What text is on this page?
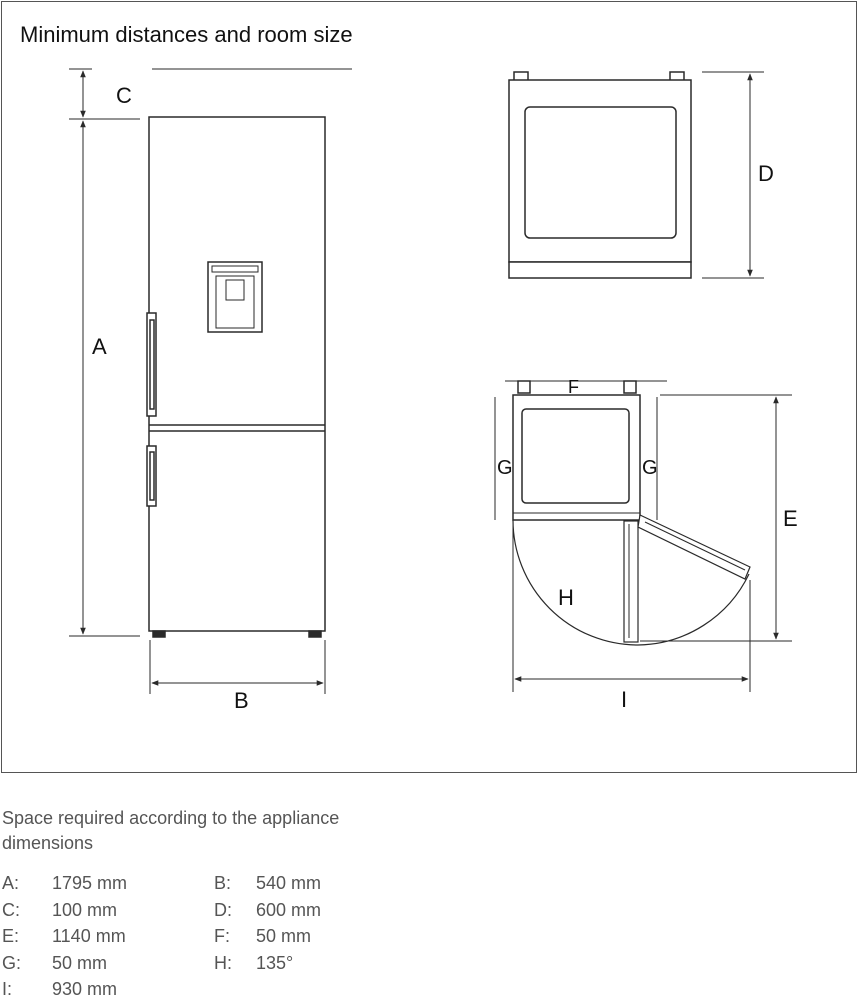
Minimum distances and room size
C
A
B
D
F
G	G
E
H
I
Space required according to the appliance dimensions
A: 1795 mm	B: 540 mm
C: 100 mm	D: 600 mm
E: 1140 mm	F: 50 mm
G: 50 mm	H: 135°
I: 930 mm
